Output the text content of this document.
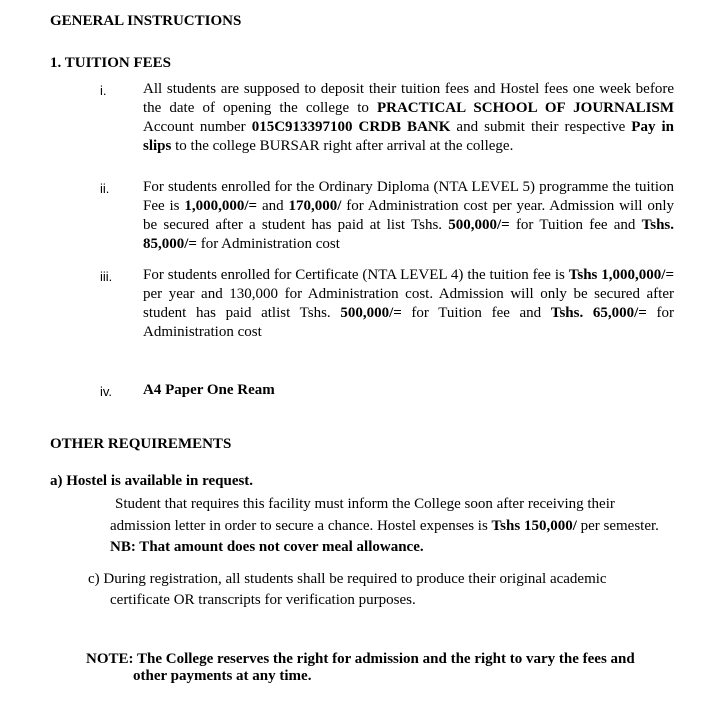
GENERAL INSTRUCTIONS
1. TUITION FEES
i. All students are supposed to deposit their tuition fees and Hostel fees one week before the date of opening the college to PRACTICAL SCHOOL OF JOURNALISM Account number 015C913397100 CRDB BANK and submit their respective Pay in slips to the college BURSAR right after arrival at the college.

ii. For students enrolled for the Ordinary Diploma (NTA LEVEL 5) programme the tuition Fee is 1,000,000/= and 170,000/ for Administration cost per year. Admission will only be secured after a student has paid at list Tshs. 500,000/= for Tuition fee and Tshs. 85,000/= for Administration cost

iii. For students enrolled for Certificate (NTA LEVEL 4) the tuition fee is Tshs 1,000,000/= per year and 130,000 for Administration cost. Admission will only be secured after student has paid atlist Tshs. 500,000/= for Tuition fee and Tshs. 65,000/= for Administration cost

iv. A4 Paper One Ream
OTHER REQUIREMENTS
a) Hostel is available in request.
Student that requires this facility must inform the College soon after receiving their admission letter in order to secure a chance. Hostel expenses is Tshs 150,000/ per semester. NB: That amount does not cover meal allowance.
c) During registration, all students shall be required to produce their original academic
certificate OR transcripts for verification purposes.
NOTE: The College reserves the right for admission and the right to vary the fees and
other payments at any time.
